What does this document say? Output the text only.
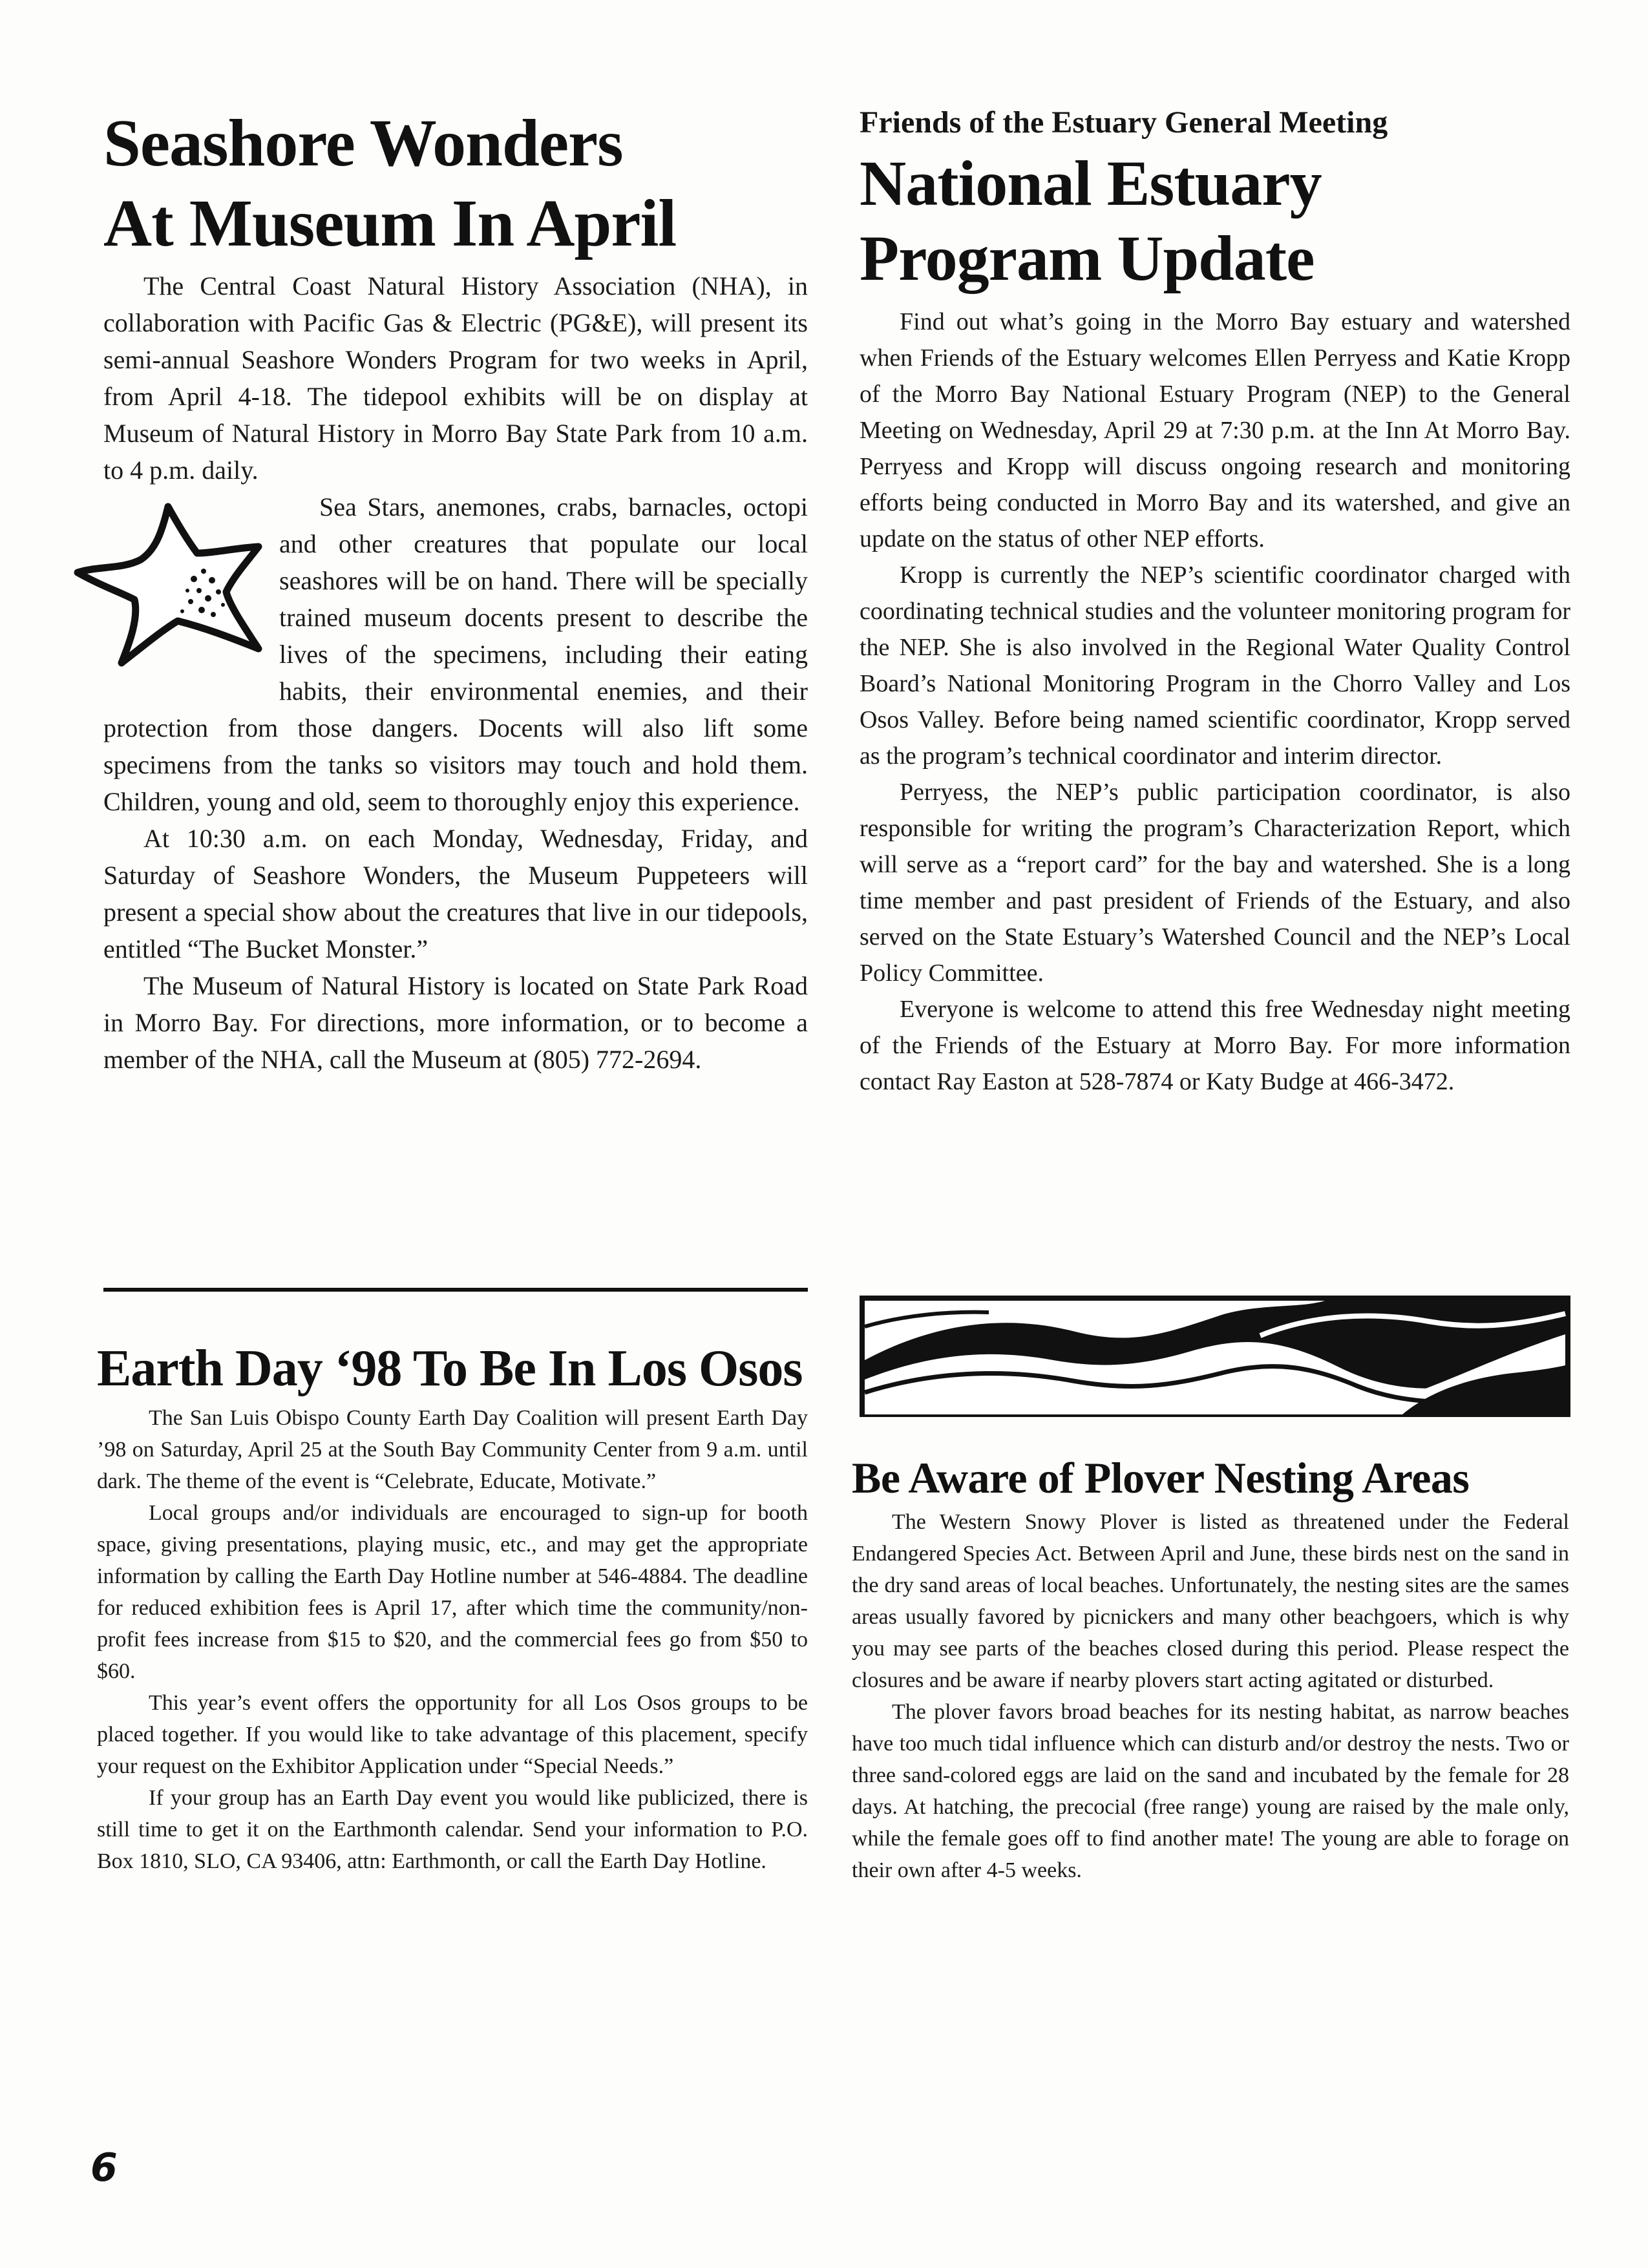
Seashore Wonders
At Museum In April

The Central Coast Natural History Association (NHA), in collaboration with Pacific Gas & Electric (PG&E), will present its semi-annual Seashore Wonders Program for two weeks in April, from April 4-18. The tidepool exhibits will be on display at Museum of Natural History in Morro Bay State Park from 10 a.m. to 4 p.m. daily.

Sea Stars, anemones, crabs, barnacles, octopi and other creatures that populate our local seashores will be on hand. There will be specially trained museum docents present to describe the lives of the specimens, including their eating habits, their environmental enemies, and their protection from those dangers. Docents will also lift some specimens from the tanks so visitors may touch and hold them. Children, young and old, seem to thoroughly enjoy this experience.

At 10:30 a.m. on each Monday, Wednesday, Friday, and Saturday of Seashore Wonders, the Museum Puppeteers will present a special show about the creatures that live in our tidepools, entitled “The Bucket Monster.”

The Museum of Natural History is located on State Park Road in Morro Bay. For directions, more information, or to become a member of the NHA, call the Museum at (805) 772-2694.

Friends of the Estuary General Meeting

National Estuary
Program Update

Find out what’s going in the Morro Bay estuary and watershed when Friends of the Estuary welcomes Ellen Perryess and Katie Kropp of the Morro Bay National Estuary Program (NEP) to the General Meeting on Wednesday, April 29 at 7:30 p.m. at the Inn At Morro Bay. Perryess and Kropp will discuss ongoing research and monitoring efforts being conducted in Morro Bay and its watershed, and give an update on the status of other NEP efforts.

Kropp is currently the NEP’s scientific coordinator charged with coordinating technical studies and the volunteer monitoring program for the NEP. She is also involved in the Regional Water Quality Control Board’s National Monitoring Program in the Chorro Valley and Los Osos Valley. Before being named scientific coordinator, Kropp served as the program’s technical coordinator and interim director.

Perryess, the NEP’s public participation coordinator, is also responsible for writing the program’s Characterization Report, which will serve as a “report card” for the bay and watershed. She is a long time member and past president of Friends of the Estuary, and also served on the State Estuary’s Watershed Council and the NEP’s Local Policy Committee.

Everyone is welcome to attend this free Wednesday night meeting of the Friends of the Estuary at Morro Bay. For more information contact Ray Easton at 528-7874 or Katy Budge at 466-3472.

Earth Day ‘98 To Be In Los Osos

The San Luis Obispo County Earth Day Coalition will present Earth Day ’98 on Saturday, April 25 at the South Bay Community Center from 9 a.m. until dark. The theme of the event is “Celebrate, Educate, Motivate.”

Local groups and/or individuals are encouraged to sign-up for booth space, giving presentations, playing music, etc., and may get the appropriate information by calling the Earth Day Hotline number at 546-4884. The deadline for reduced exhibition fees is April 17, after which time the community/non-profit fees increase from $15 to $20, and the commercial fees go from $50 to $60.

This year’s event offers the opportunity for all Los Osos groups to be placed together. If you would like to take advantage of this placement, specify your request on the Exhibitor Application under “Special Needs.”

If your group has an Earth Day event you would like publicized, there is still time to get it on the Earthmonth calendar. Send your information to P.O. Box 1810, SLO, CA 93406, attn: Earthmonth, or call the Earth Day Hotline.

Be Aware of Plover Nesting Areas

The Western Snowy Plover is listed as threatened under the Federal Endangered Species Act. Between April and June, these birds nest on the sand in the dry sand areas of local beaches. Unfortunately, the nesting sites are the sames areas usually favored by picnickers and many other beachgoers, which is why you may see parts of the beaches closed during this period. Please respect the closures and be aware if nearby plovers start acting agitated or disturbed.

The plover favors broad beaches for its nesting habitat, as narrow beaches have too much tidal influence which can disturb and/or destroy the nests. Two or three sand-colored eggs are laid on the sand and incubated by the female for 28 days. At hatching, the precocial (free range) young are raised by the male only, while the female goes off to find another mate! The young are able to forage on their own after 4-5 weeks.

6
